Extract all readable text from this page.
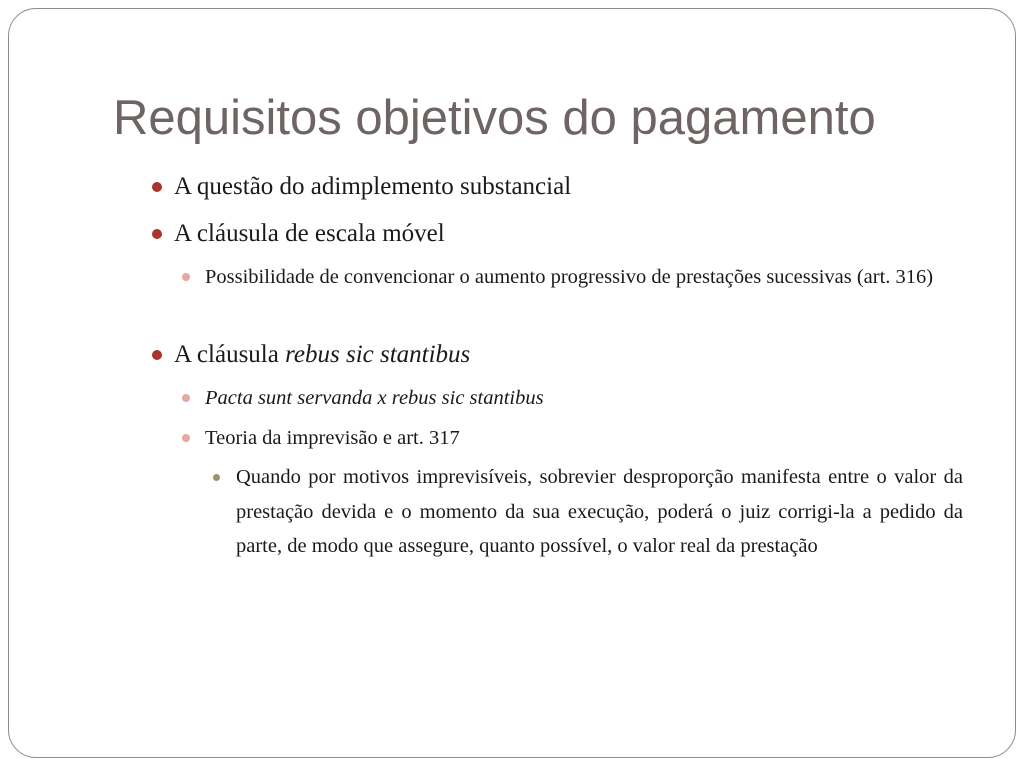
Requisitos objetivos do pagamento
A questão do adimplemento substancial
A cláusula de escala móvel
Possibilidade de convencionar o aumento progressivo de prestações sucessivas (art. 316)
A cláusula rebus sic stantibus
Pacta sunt servanda x rebus sic stantibus
Teoria da imprevisão e art. 317
Quando por motivos imprevisíveis, sobrevier desproporção manifesta entre o valor da prestação devida e o momento da sua execução, poderá o juiz corrigi-la a pedido da parte, de modo que assegure, quanto possível, o valor real da prestação
